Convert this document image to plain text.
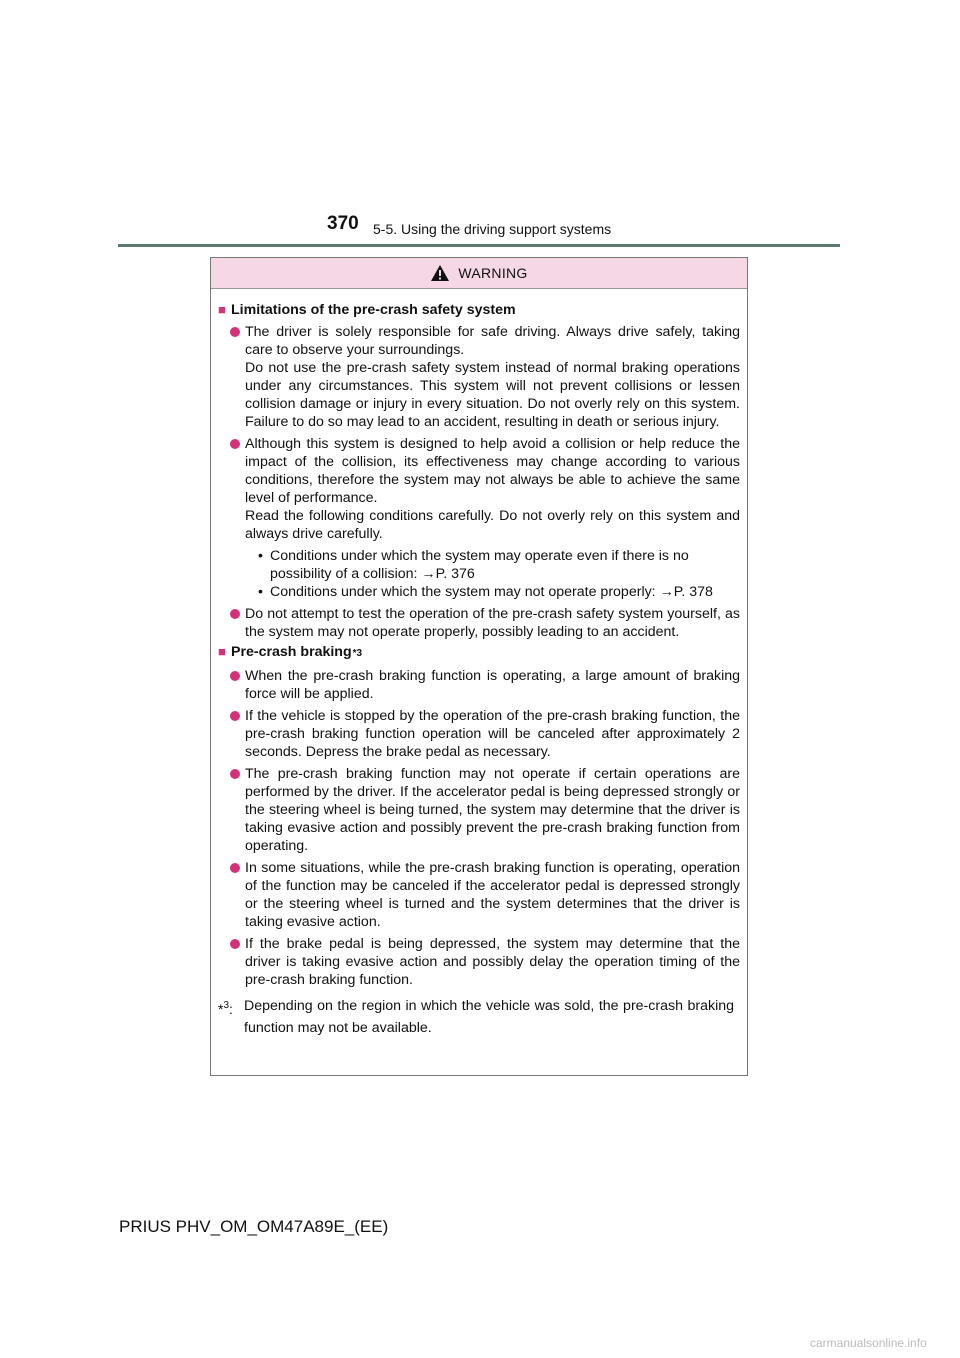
370 5-5. Using the driving support systems
WARNING
■ Limitations of the pre-crash safety system
The driver is solely responsible for safe driving. Always drive safely, taking care to observe your surroundings.
Do not use the pre-crash safety system instead of normal braking operations under any circumstances. This system will not prevent collisions or lessen collision damage or injury in every situation. Do not overly rely on this system. Failure to do so may lead to an accident, resulting in death or serious injury.
Although this system is designed to help avoid a collision or help reduce the impact of the collision, its effectiveness may change according to various conditions, therefore the system may not always be able to achieve the same level of performance.
Read the following conditions carefully. Do not overly rely on this system and always drive carefully.
• Conditions under which the system may operate even if there is no possibility of a collision: →P. 376
• Conditions under which the system may not operate properly: →P. 378
Do not attempt to test the operation of the pre-crash safety system yourself, as the system may not operate properly, possibly leading to an accident.
■ Pre-crash braking *3
When the pre-crash braking function is operating, a large amount of braking force will be applied.
If the vehicle is stopped by the operation of the pre-crash braking function, the pre-crash braking function operation will be canceled after approximately 2 seconds. Depress the brake pedal as necessary.
The pre-crash braking function may not operate if certain operations are performed by the driver. If the accelerator pedal is being depressed strongly or the steering wheel is being turned, the system may determine that the driver is taking evasive action and possibly prevent the pre-crash braking function from operating.
In some situations, while the pre-crash braking function is operating, operation of the function may be canceled if the accelerator pedal is depressed strongly or the steering wheel is turned and the system determines that the driver is taking evasive action.
If the brake pedal is being depressed, the system may determine that the driver is taking evasive action and possibly delay the operation timing of the pre-crash braking function.
*$^3$: Depending on the region in which the vehicle was sold, the pre-crash braking function may not be available.
PRIUS PHV_OM_OM47A89E_(EE)
carmanualsonline.info
